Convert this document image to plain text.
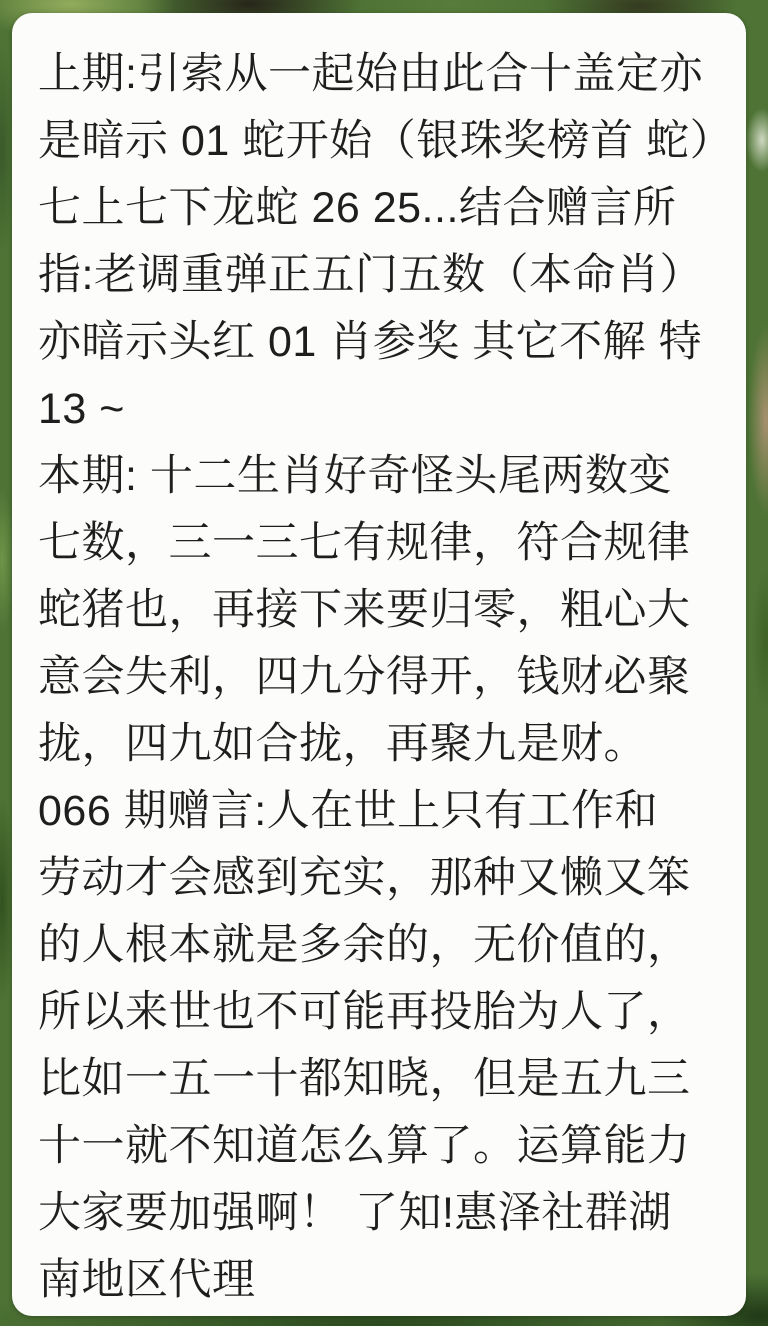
上期:引索从一起始由此合十盖定亦
是暗示 01 蛇开始（银珠奖榜首 蛇）
七上七下龙蛇 26 25...结合赠言所
指:老调重弹正五门五数（本命肖）
亦暗示头红 01 肖参奖 其它不解 特
13 ~
本期: 十二生肖好奇怪头尾两数变
七数，三一三七有规律，符合规律
蛇猪也，再接下来要归零，粗心大
意会失利，四九分得开，钱财必聚
拢，四九如合拢，再聚九是财。
066 期赠言:人在世上只有工作和
劳动才会感到充实，那种又懒又笨
的人根本就是多余的，无价值的，
所以来世也不可能再投胎为人了，
比如一五一十都知晓，但是五九三
十一就不知道怎么算了。运算能力
大家要加强啊！ 了知!惠泽社群湖
南地区代理
